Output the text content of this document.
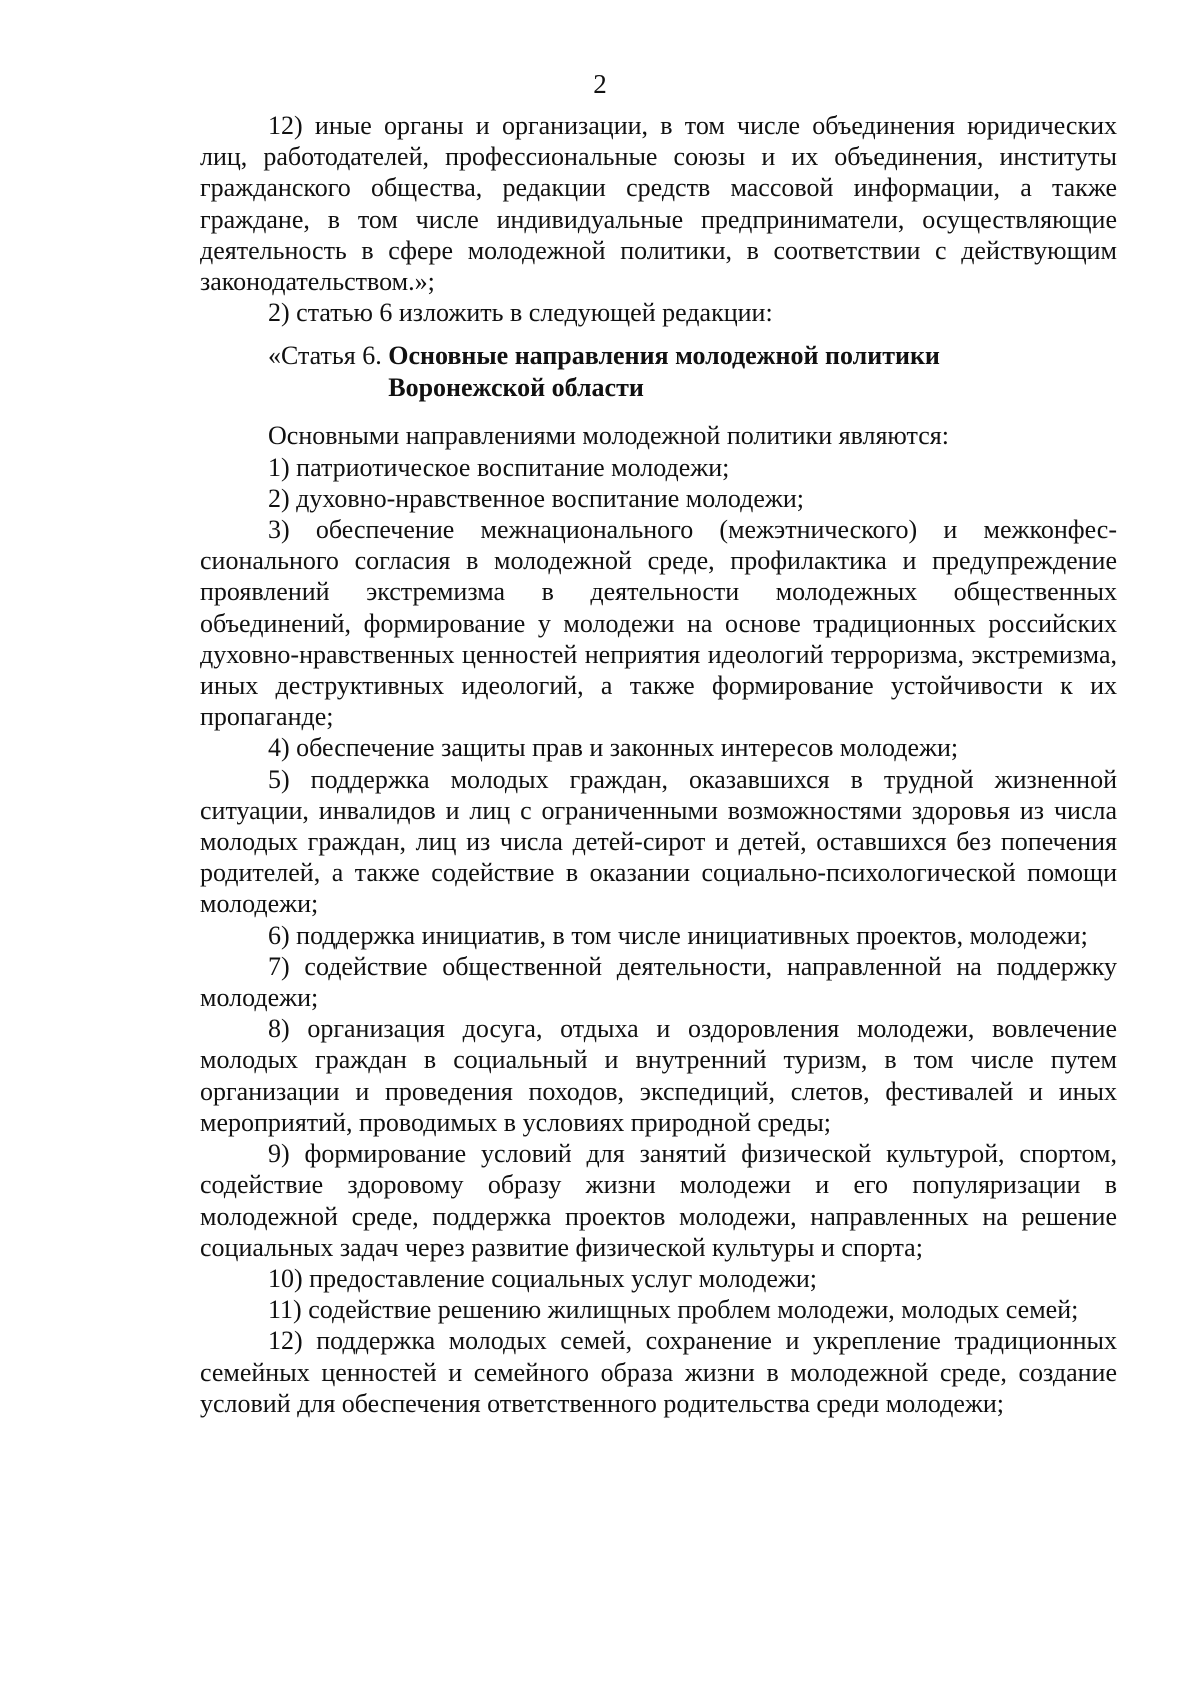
2

12) иные органы и организации, в том числе объединения юридических лиц, работодателей, профессиональные союзы и их объединения, институты гражданского общества, редакции средств массовой информации, а также граждане, в том числе индивидуальные предприниматели, осуществляющие деятельность в сфере молодежной политики, в соответствии с действующим законодательством.»;

2) статью 6 изложить в следующей редакции:

«Статья 6. Основные направления молодежной политики Воронежской области

Основными направлениями молодежной политики являются:

1) патриотическое воспитание молодежи;

2) духовно-нравственное воспитание молодежи;

3) обеспечение межнационального (межэтнического) и межконфессионального согласия в молодежной среде, профилактика и предупреждение проявлений экстремизма в деятельности молодежных общественных объединений, формирование у молодежи на основе традиционных российских духовно-нравственных ценностей неприятия идеологий терроризма, экстремизма, иных деструктивных идеологий, а также формирование устойчивости к их пропаганде;

4) обеспечение защиты прав и законных интересов молодежи;

5) поддержка молодых граждан, оказавшихся в трудной жизненной ситуации, инвалидов и лиц с ограниченными возможностями здоровья из числа молодых граждан, лиц из числа детей-сирот и детей, оставшихся без попечения родителей, а также содействие в оказании социально-психологической помощи молодежи;

6) поддержка инициатив, в том числе инициативных проектов, молодежи;

7) содействие общественной деятельности, направленной на поддержку молодежи;

8) организация досуга, отдыха и оздоровления молодежи, вовлечение молодых граждан в социальный и внутренний туризм, в том числе путем организации и проведения походов, экспедиций, слетов, фестивалей и иных мероприятий, проводимых в условиях природной среды;

9) формирование условий для занятий физической культурой, спортом, содействие здоровому образу жизни молодежи и его популяризации в молодежной среде, поддержка проектов молодежи, направленных на решение социальных задач через развитие физической культуры и спорта;

10) предоставление социальных услуг молодежи;

11) содействие решению жилищных проблем молодежи, молодых семей;

12) поддержка молодых семей, сохранение и укрепление традиционных семейных ценностей и семейного образа жизни в молодежной среде, создание условий для обеспечения ответственного родительства среди молодежи;
